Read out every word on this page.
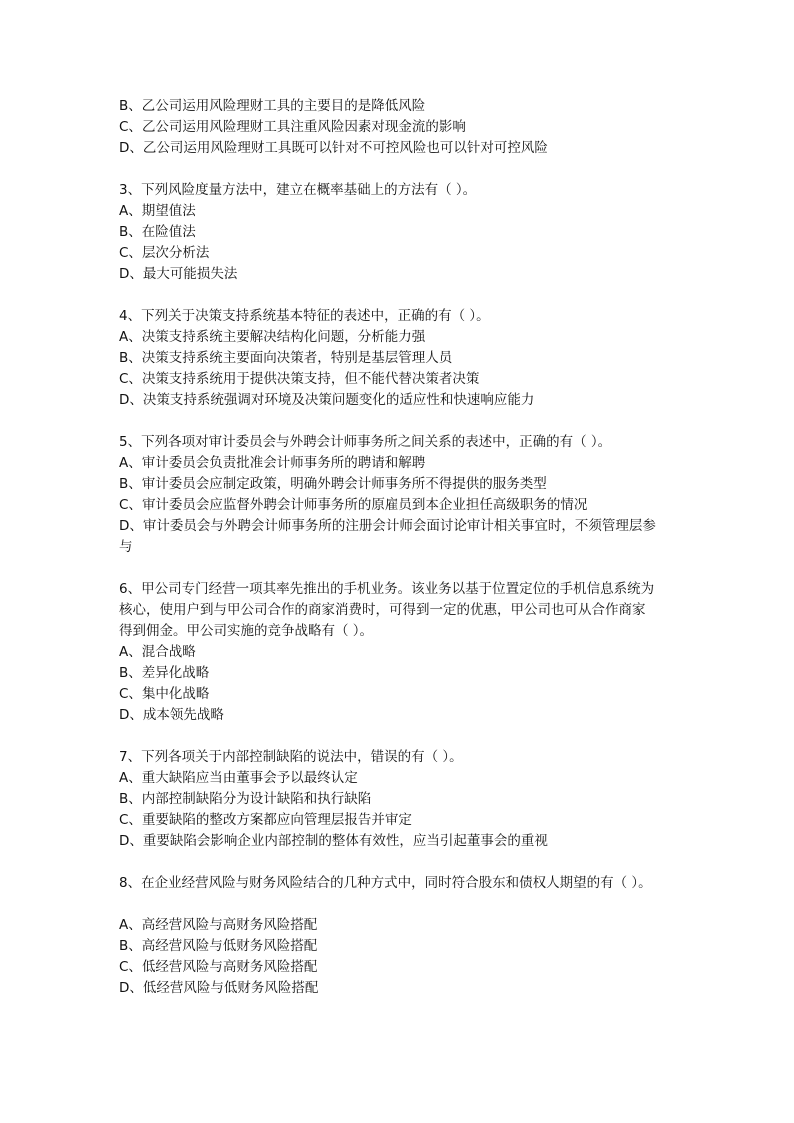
B、乙公司运用风险理财工具的主要目的是降低风险
C、乙公司运用风险理财工具注重风险因素对现金流的影响
D、乙公司运用风险理财工具既可以针对不可控风险也可以针对可控风险
3、下列风险度量方法中，建立在概率基础上的方法有（ ）。
A、期望值法
B、在险值法
C、层次分析法
D、最大可能损失法
4、下列关于决策支持系统基本特征的表述中，正确的有（ ）。
A、决策支持系统主要解决结构化问题，分析能力强
B、决策支持系统主要面向决策者，特别是基层管理人员
C、决策支持系统用于提供决策支持，但不能代替决策者决策
D、决策支持系统强调对环境及决策问题变化的适应性和快速响应能力
5、下列各项对审计委员会与外聘会计师事务所之间关系的表述中，正确的有（ ）。
A、审计委员会负责批准会计师事务所的聘请和解聘
B、审计委员会应制定政策，明确外聘会计师事务所不得提供的服务类型
C、审计委员会应监督外聘会计师事务所的原雇员到本企业担任高级职务的情况
D、审计委员会与外聘会计师事务所的注册会计师会面讨论审计相关事宜时，不须管理层参
与
6、甲公司专门经营一项其率先推出的手机业务。该业务以基于位置定位的手机信息系统为
核心，使用户到与甲公司合作的商家消费时，可得到一定的优惠，甲公司也可从合作商家
得到佣金。甲公司实施的竞争战略有（ ）。
A、混合战略
B、差异化战略
C、集中化战略
D、成本领先战略
7、下列各项关于内部控制缺陷的说法中，错误的有（ ）。
A、重大缺陷应当由董事会予以最终认定
B、内部控制缺陷分为设计缺陷和执行缺陷
C、重要缺陷的整改方案都应向管理层报告并审定
D、重要缺陷会影响企业内部控制的整体有效性，应当引起董事会的重视
8、在企业经营风险与财务风险结合的几种方式中，同时符合股东和债权人期望的有（ ）。
A、高经营风险与高财务风险搭配
B、高经营风险与低财务风险搭配
C、低经营风险与高财务风险搭配
D、低经营风险与低财务风险搭配
